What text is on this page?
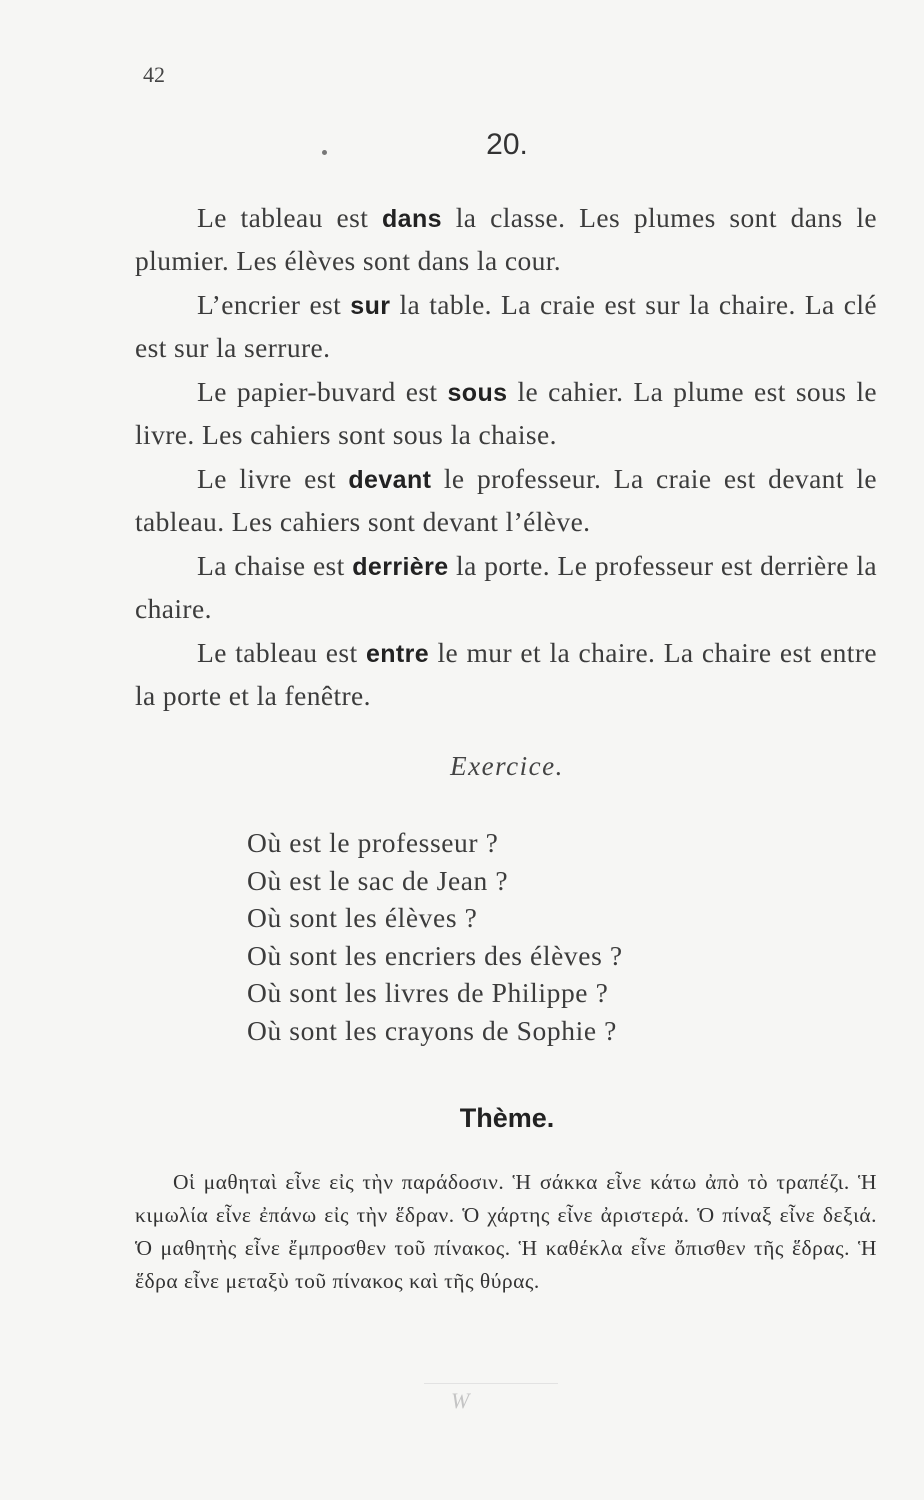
42
20.

Le tableau est dans la classe. Les plumes sont dans le plumier. Les élèves sont dans la cour.

L’encrier est sur la table. La craie est sur la chaire. La clé est sur la serrure.

Le papier-buvard est sous le cahier. La plume est sous le livre. Les cahiers sont sous la chaise.

Le livre est devant le professeur. La craie est devant le tableau. Les cahiers sont devant l’élève.

La chaise est derrière la porte. Le professeur est derrière la chaire.

Le tableau est entre le mur et la chaire. La chaire est entre la porte et la fenêtre.

Exercice.
Où est le professeur ?
Où est le sac de Jean ?
Où sont les élèves ?
Où sont les encriers des élèves ?
Où sont les livres de Philippe ?
Où sont les crayons de Sophie ?
Thème.

Οἱ μαθηταὶ εἶνε εἰς τὴν παράδοσιν. Ἡ σάκκα εἶνε κάτω ἀπὸ τὸ τραπέζι. Ἡ κιμωλία εἶνε ἐπάνω εἰς τὴν ἕδραν. Ὁ χάρτης εἶνε ἀριστερά. Ὁ πίναξ εἶνε δεξιά. Ὁ μαθητὴς εἶνε ἔμπροσθεν τοῦ πίνακος. Ἡ καθέκλα εἶνε ὄπισθεν τῆς ἕδρας. Ἡ ἕδρα εἶνε μεταξὺ τοῦ πίνακος καὶ τῆς θύρας.

W
